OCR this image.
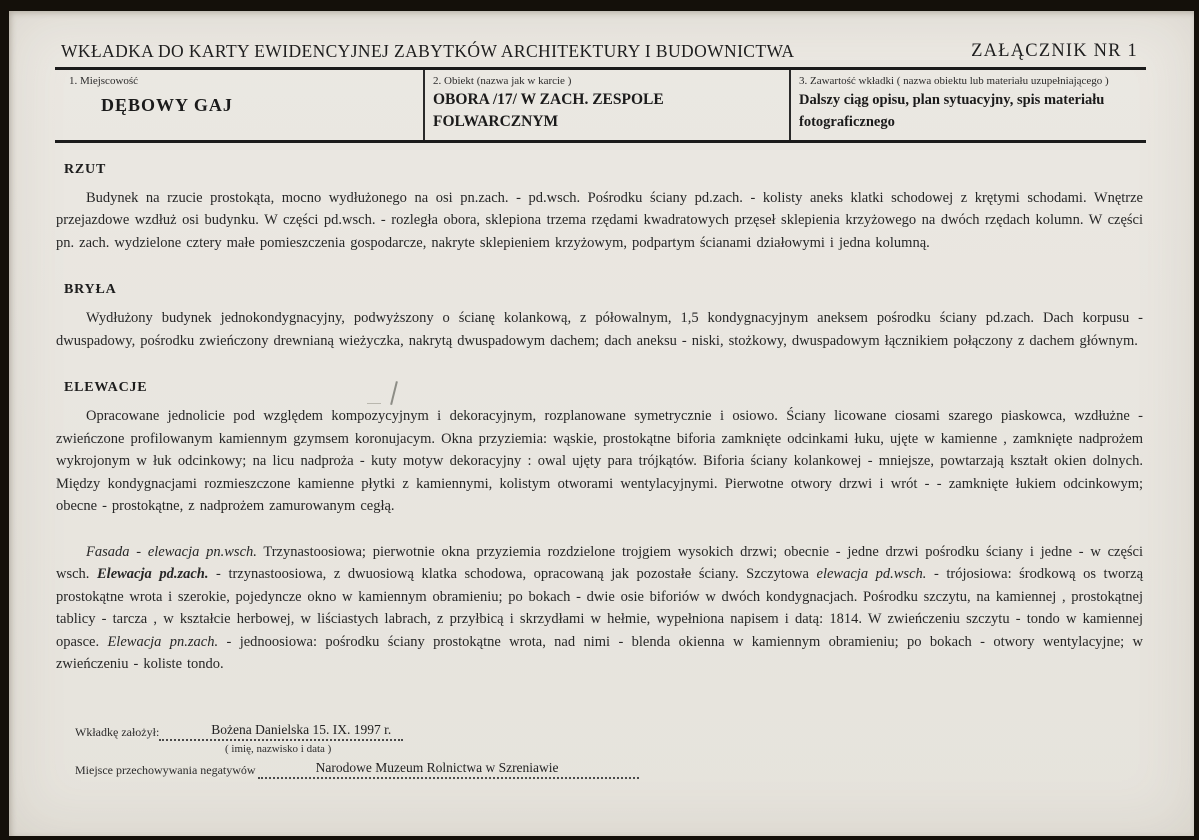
WKŁADKA DO KARTY EWIDENCYJNEJ ZABYTKÓW ARCHITEKTURY I BUDOWNICTWA	ZAŁĄCZNIK NR 1
1. Miejscowość
DĘBOWY GAJ
2. Obiekt (nazwa jak w karcie )
OBORA /17/ W ZACH. ZESPOLE FOLWARCZNYM
3. Zawartość wkładki ( nazwa obiektu lub materiału uzupełniającego )
Dalszy ciąg opisu, plan sytuacyjny, spis materiału fotograficznego
RZUT

Budynek na rzucie prostokąta, mocno wydłużonego na osi pn.zach. - pd.wsch. Pośrodku ściany pd.zach. - kolisty aneks klatki schodowej z krętymi schodami. Wnętrze przejazdowe wzdłuż osi budynku. W części pd.wsch. - rozległa obora, sklepiona trzema rzędami kwadratowych przęseł sklepienia krzyżowego na dwóch rzędach kolumn. W części pn. zach. wydzielone cztery małe pomieszczenia gospodarcze, nakryte sklepieniem krzyżowym, podpartym ścianami działowymi i jedna kolumną.

BRYŁA

Wydłużony budynek jednokondygnacyjny, podwyższony o ścianę kolankową, z półowalnym, 1,5 kondygnacyjnym aneksem pośrodku ściany pd.zach. Dach korpusu - dwuspadowy, pośrodku zwieńczony drewnianą wieżyczka, nakrytą dwuspadowym dachem; dach aneksu - niski, stożkowy, dwuspadowym łącznikiem połączony z dachem głównym.

ELEWACJE

Opracowane jednolicie pod względem kompozycyjnym i dekoracyjnym, rozplanowane symetrycznie i osiowo. Ściany licowane ciosami szarego piaskowca, wzdłużne - zwieńczone profilowanym kamiennym gzymsem koronujacym. Okna przyziemia: wąskie, prostokątne biforia zamknięte odcinkami łuku, ujęte w kamienne , zamknięte nadprożem wykrojonym w łuk odcinkowy; na licu nadproża - kuty motyw dekoracyjny : owal ujęty para trójkątów. Biforia ściany kolankowej - mniejsze, powtarzają kształt okien dolnych. Między kondygnacjami rozmieszczone kamienne płytki z kamiennymi, kolistym otworami wentylacyjnymi. Pierwotne otwory drzwi i wrót - - zamknięte łukiem odcinkowym; obecne - prostokątne, z nadprożem zamurowanym cegłą.

Fasada - elewacja pn.wsch. Trzynastoosiowa; pierwotnie okna przyziemia rozdzielone trojgiem wysokich drzwi; obecnie - jedne drzwi pośrodku ściany i jedne - w części wsch. Elewacja pd.zach. - trzynastoosiowa, z dwuosiową klatka schodowa, opracowaną jak pozostałe ściany. Szczytowa elewacja pd.wsch. - trójosiowa: środkową os tworzą prostokątne wrota i szerokie, pojedyncze okno w kamiennym obramieniu; po bokach - dwie osie biforiów w dwóch kondygnacjach. Pośrodku szczytu, na kamiennej , prostokątnej tablicy - tarcza , w kształcie herbowej, w liściastych labrach, z przyłbicą i skrzydłami w hełmie, wypełniona napisem i datą: 1814. W zwieńczeniu szczytu - tondo w kamiennej opasce. Elewacja pn.zach. - jednoosiowa: pośrodku ściany prostokątne wrota, nad nimi - blenda okienna w kamiennym obramieniu; po bokach - otwory wentylacyjne; w zwieńczeniu - koliste tondo.

Wkładkę założył:	Bożena Danielska 15. IX. 1997 r.
( imię, nazwisko i data )
Miejsce przechowywania negatywów	Narodowe Muzeum Rolnictwa w Szreniawie
